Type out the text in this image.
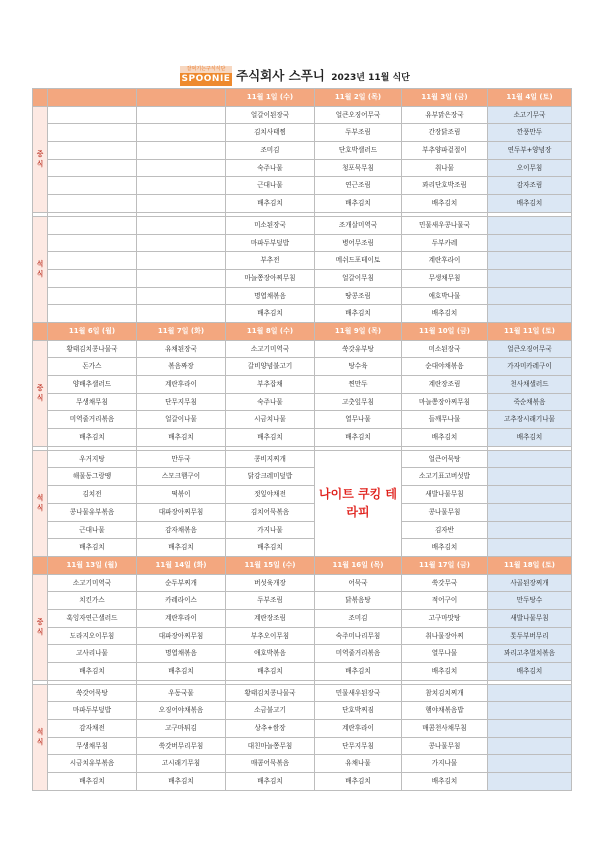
잘먹기는구식식단
SPOONIE 주식회사 스푸니 2023년 11월 식단
			11월 1일 (수)	11월 2일 (목)	11월 3일 (금)	11월 4일 (토)
중식			얼갈이된장국	얼큰오징어무국	유부맑은장국	소고기무국
			김치사태찜	두부조림	간장닭조림	깐풍만두
			조미김	단호박샐러드	부추양파겉절이	연두부+양념장
			숙주나물	청포묵무침	취나물	오이무침
			근대나물	연근조림	꽈리단호박조림	감자조림
			배추김치	배추김치	배추김치	배추김치

석식			미소된장국	조개살미역국	민물새우콩나물국	
			마파두부덮밥	병어무조림	두부카레	
			부추전	메쉬드포테이토	계란후라이	
			마늘쫑장아찌무침	얼갈이무침	무생채무침	
			명엽채볶음	땅콩조림	애호박나물	
			배추김치	배추김치	배추김치	
	11월 6일 (월)	11월 7일 (화)	11월 8일 (수)	11월 9일 (목)	11월 10일 (금)	11월 11일 (토)
중식	황태김치콩나물국	유채된장국	소고기미역국	쑥갓유부탕	미소된장국	얼큰오징어무국
	돈가스	볶음짜장	갈비양념불고기	탕수육	순대야채볶음	가자미카레구이
	양배추샐러드	계란후라이	부추잡채	찐만두	계란장조림	천사채샐러드
	무생채무침	단무지무침	숙주나물	고춧잎무침	마늘쫑장아찌무침	죽순채볶음
	미역줄거리볶음	얼갈이나물	시금치나물	열무나물	들깨무나물	고추장시래기나물
	배추김치	배추김치	배추김치	배추김치	배추김치	배추김치

석식	우거지탕	만두국	콩비지찌개	나이트 쿠킹 테라피	얼큰어묵탕	
	해물동그랑땡	스모크햄구이	닭강크레미덮밥		소고기표고버섯밥	
	김치전	떡볶이	젓잎야채전		새발나물무침	
	콩나물유부볶음	대파장아찌무침	김치어묵볶음		콩나물무침	
	근대나물	감자채볶음	가지나물		김자반	
	배추김치	배추김치	배추김치		배추김치	
	11월 13일 (월)	11월 14일 (화)	11월 15일 (수)	11월 16일 (목)	11월 17일 (금)	11월 18일 (토)
중식	소고기미역국	순두부찌개	버섯육개장	어묵국	쑥갓무국	사골된장찌개
	치킨가스	카레라이스	두부조림	닭볶음탕	적어구이	만두탕수
	훅잉자연근샐러드	계란후라이	계란장조림	조미김	고구마맛탕	새발나물무침
	도라지오이무침	대파장아찌무침	부추오이무침	숙주미나리무침	취나물장아찌	톳두부버무리
	고사리나물	명엽채볶음	애호박볶음	미역줄거리볶음	열무나물	꽈리고추멸치볶음
	배추김치	배추김치	배추김치	배추김치	배추김치	배추김치

석식	쑥갓어묵탕	우동국물	황태김치콩나물국	민물새우된장국	참치김치찌개	
	마파두부덮밥	오징어야채볶음	소금불고기	단호박찌짐	햄야채볶음밥	
	감자채전	고구마튀김	상추+쌈장	계란후라이	매콤천사채무침	
	무생채무침	쑥갓버무리무침	대친마늘쫑무침	단무지무침	콩나물무침	
	시금치유부볶음	고시래기무침	매콤어묵볶음	유채나물	가지나물	
	배추김치	배추김치	배추김치	배추김치	배추김치	
